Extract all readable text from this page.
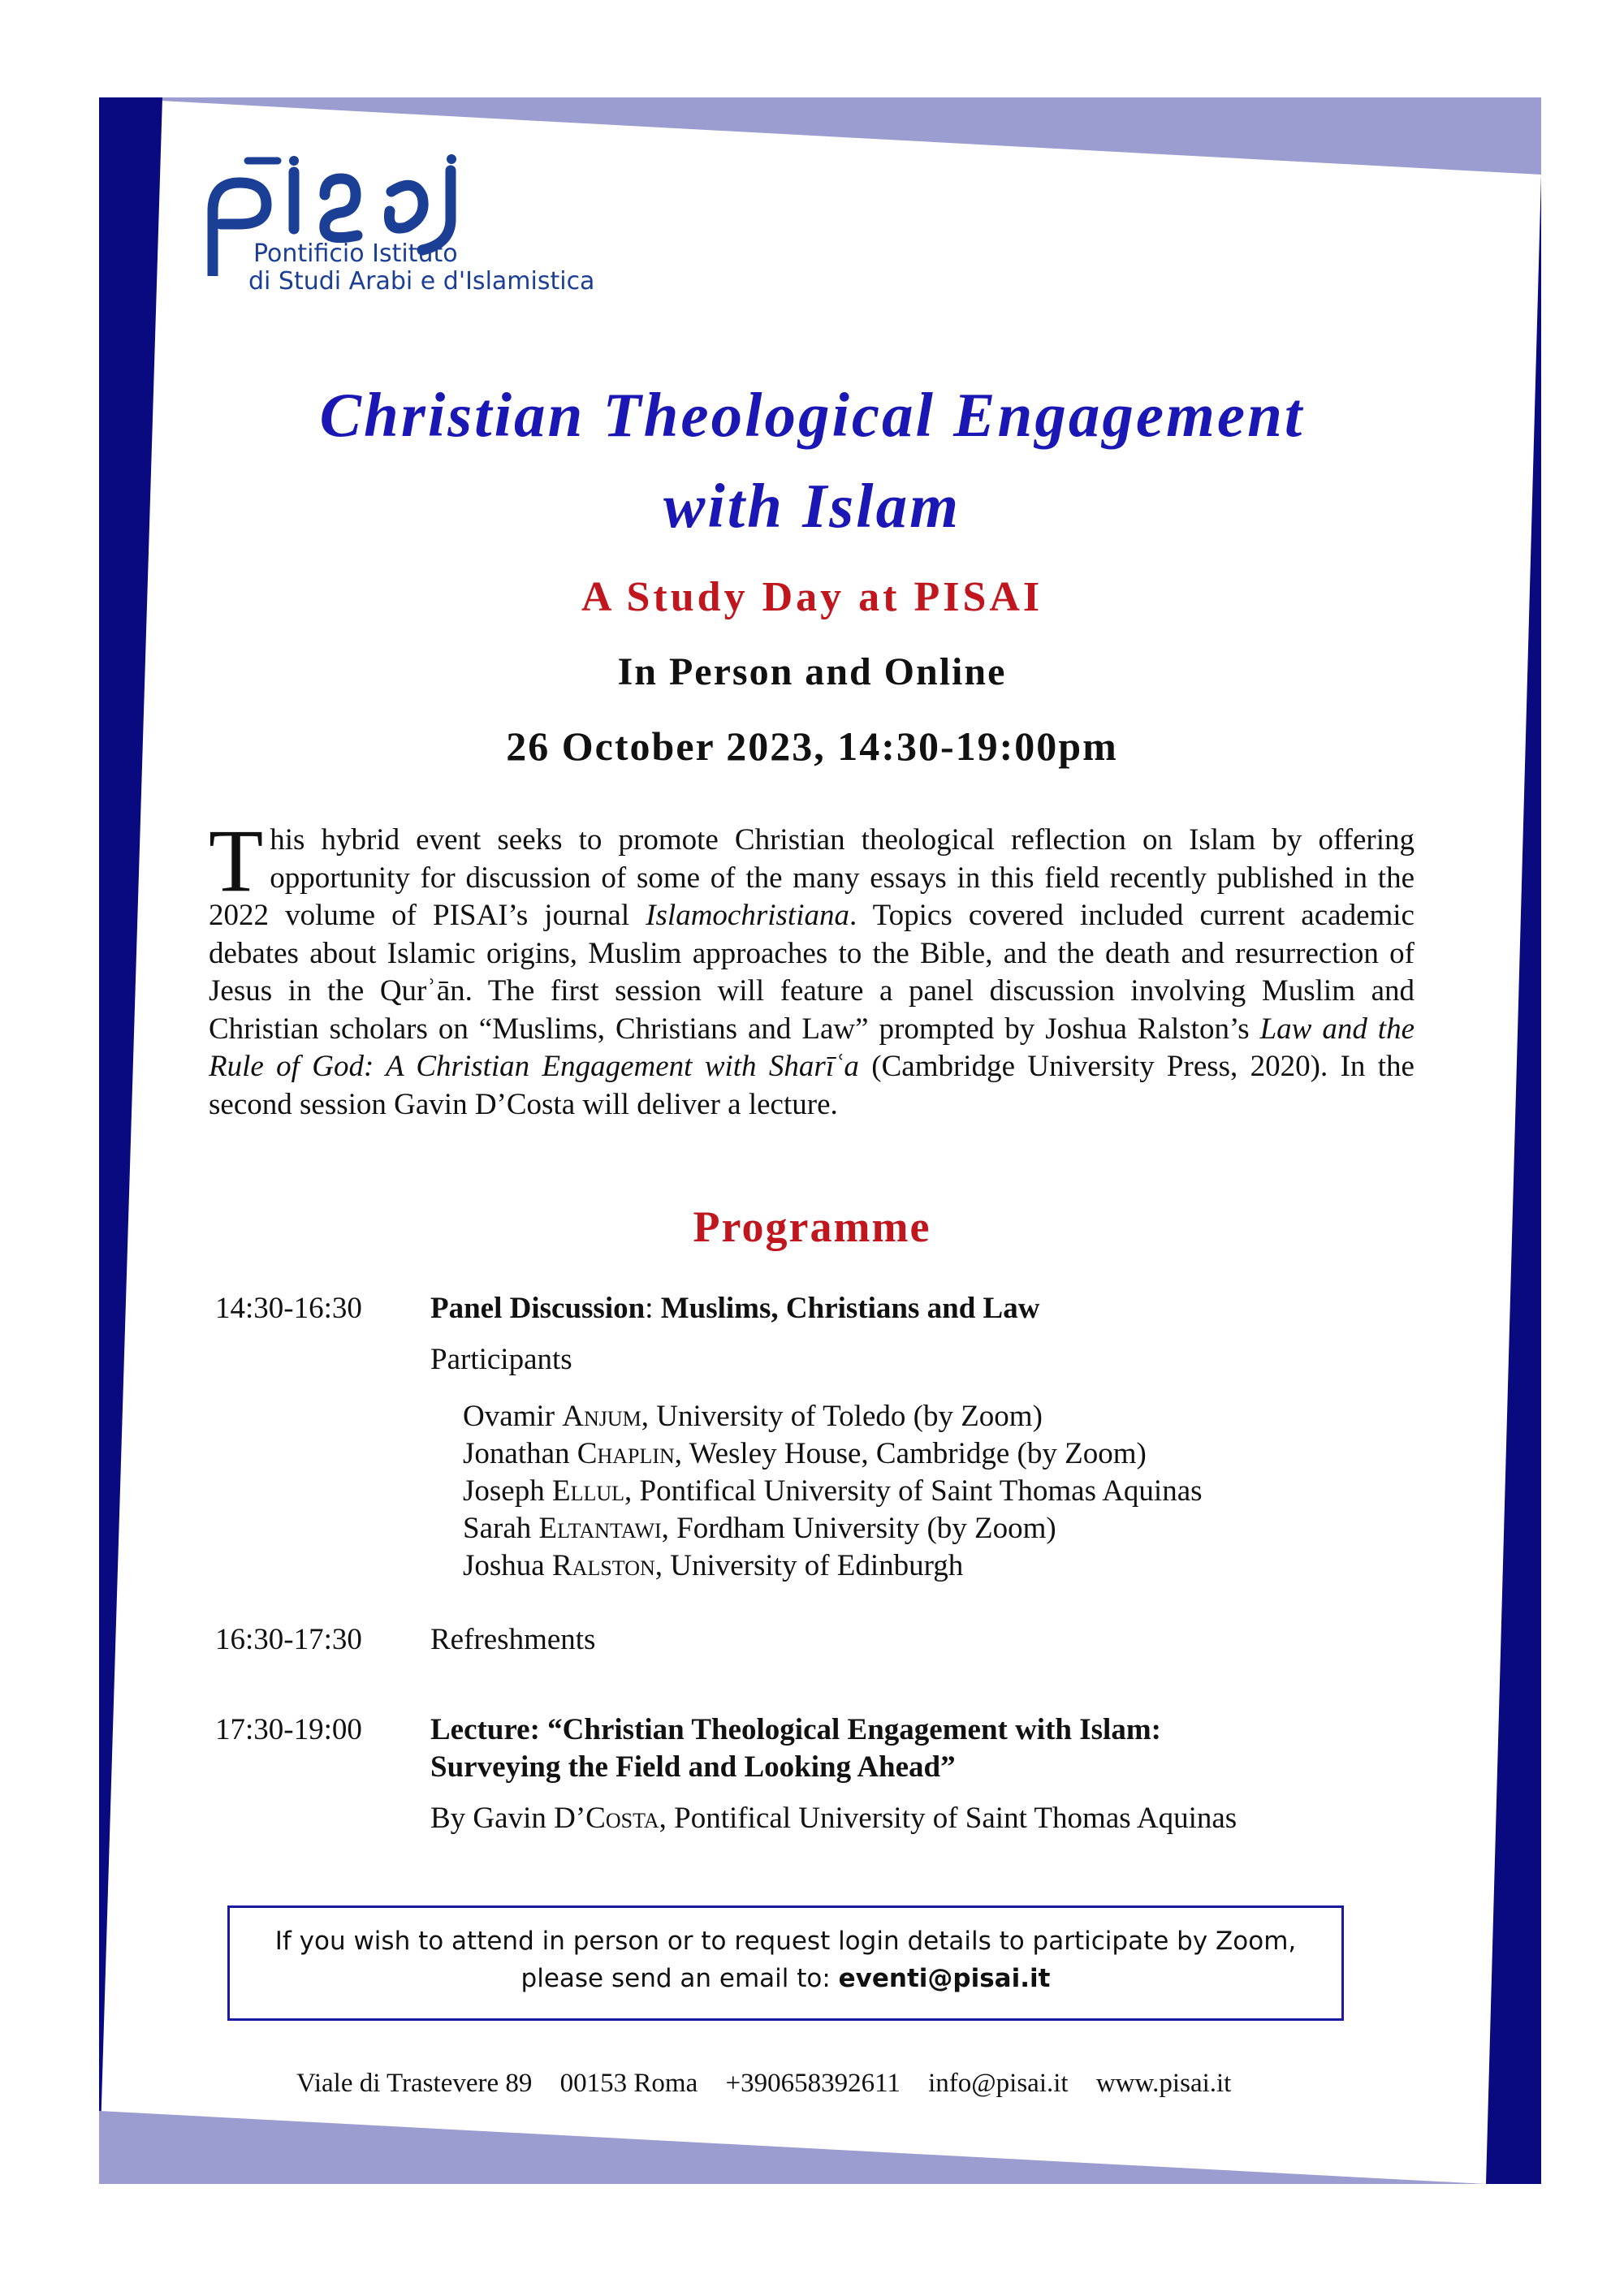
Pontificio Istituto
di Studi Arabi e d'Islamistica
Christian Theological Engagement
with Islam
A Study Day at PISAI
In Person and Online
26 October 2023, 14:30-19:00pm
This hybrid event seeks to promote Christian theological reflection on Islam by offering opportunity for discussion of some of the many essays in this field recently published in the 2022 volume of PISAI’s journal Islamochristiana. Topics covered included current academic debates about Islamic origins, Muslim approaches to the Bible, and the death and resurrection of Jesus in the Qurʾān. The first session will feature a panel discussion involving Muslim and Christian scholars on “Muslims, Christians and Law” prompted by Joshua Ralston’s Law and the Rule of God: A Christian Engagement with Sharīʿa (Cambridge University Press, 2020). In the second session Gavin D’Costa will deliver a lecture.
Programme
14:30-16:30 Panel Discussion: Muslims, Christians and Law
Participants
Ovamir Anjum, University of Toledo (by Zoom)
Jonathan Chaplin, Wesley House, Cambridge (by Zoom)
Joseph Ellul, Pontifical University of Saint Thomas Aquinas
Sarah Eltantawi, Fordham University (by Zoom)
Joshua Ralston, University of Edinburgh
16:30-17:30 Refreshments
17:30-19:00 Lecture: “Christian Theological Engagement with Islam:
Surveying the Field and Looking Ahead”
By Gavin D’Costa, Pontifical University of Saint Thomas Aquinas
If you wish to attend in person or to request login details to participate by Zoom,
please send an email to: eventi@pisai.it
Viale di Trastevere 89 00153 Roma +390658392611 info@pisai.it www.pisai.it
